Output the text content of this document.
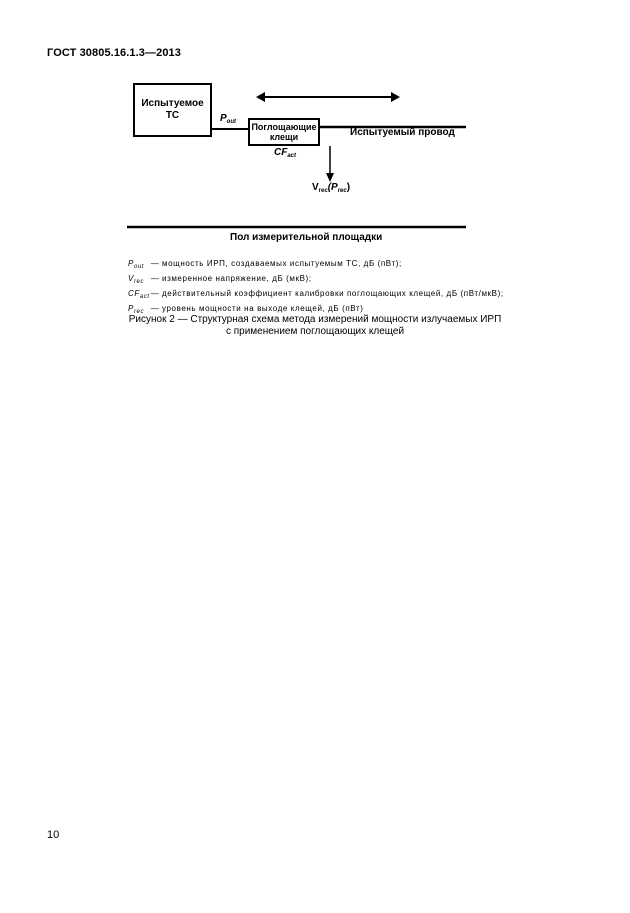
ГОСТ 30805.16.1.3—2013
Испытуемое
ТС	$P_{out}$ Поглощающие
клещи
$CF_{act}$
Испытуемый провод
$V_{rec}(P_{rec})$
Пол измерительной площадки
$P_{out}$ — мощность ИРП, создаваемых испытуемым ТС, дБ (пВт);
$V_{rec}$ — измеренное напряжение, дБ (мкВ);
$CF_{act}$ — действительный коэффициент калибровки поглощающих клещей, дБ (пВт/мкВ);
$P_{rec}$ — уровень мощности на выходе клещей, дБ (пВт)
Рисунок 2 — Структурная схема метода измерений мощности излучаемых ИРП
с применением поглощающих клещей
10
